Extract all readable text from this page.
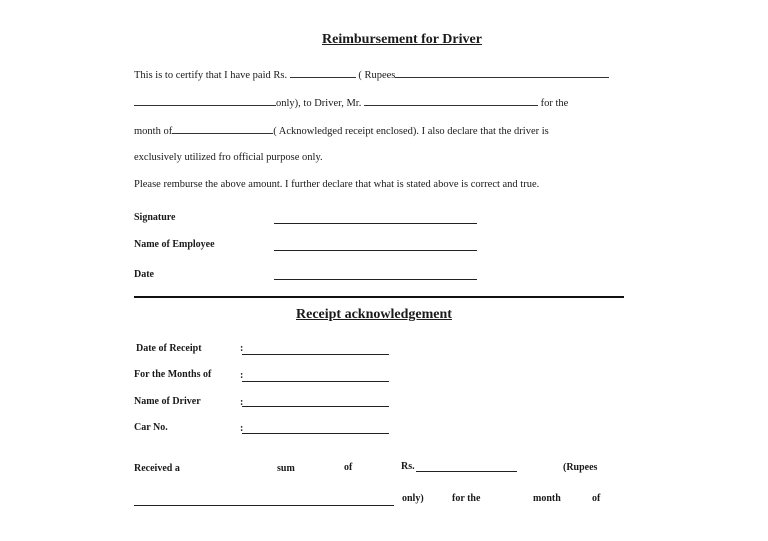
Reimbursement for Driver
This is to certify that I have paid Rs.	( Rupees
only), to Driver, Mr.	for the
month of	( Acknowledged receipt enclosed). I also declare that the driver is
exclusively utilized fro official purpose only.
Please remburse the above amount. I further declare that what is stated above is correct and true.
Signature
Name of Employee
Date
Receipt acknowledgement
Date of Receipt	:
For the Months of	:
Name of Driver	:
Car No.	:
Received a	sum	of	Rs.	(Rupees
only)	for the	month	of
